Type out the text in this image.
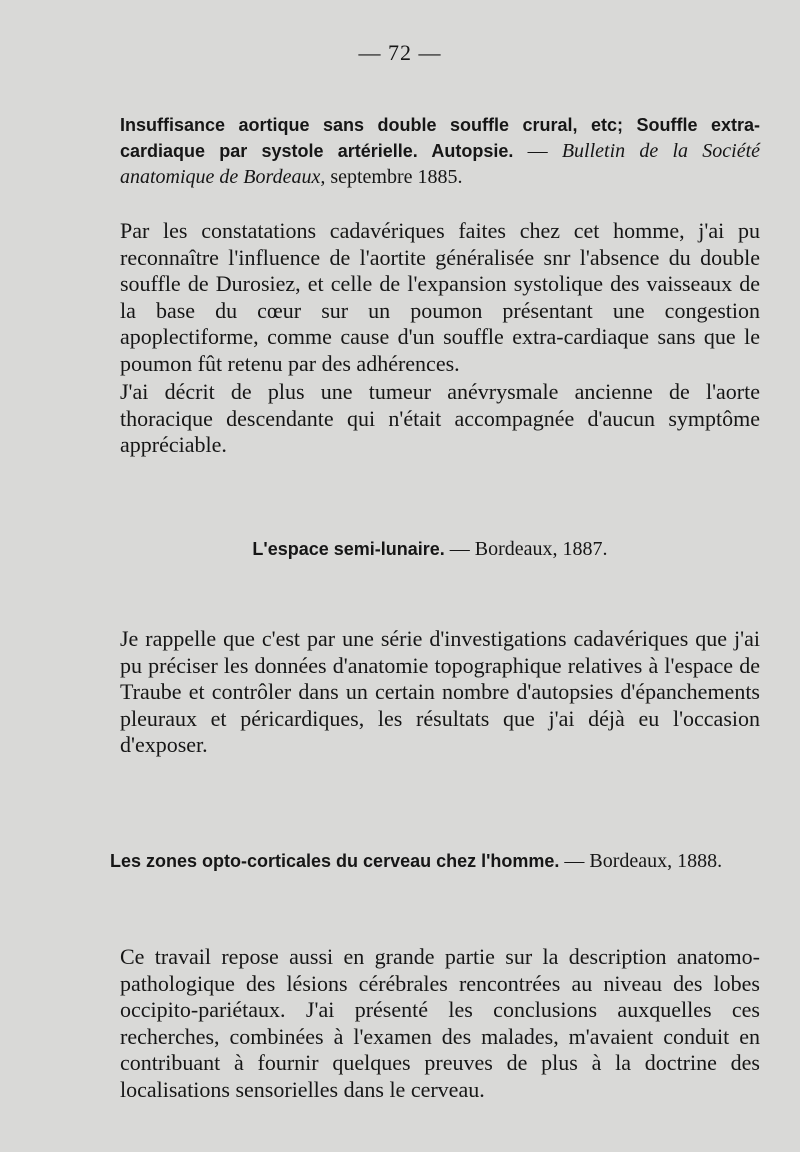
— 72 —
Insuffisance aortique sans double souffle crural, etc; Souffle extra-cardiaque par systole artérielle. Autopsie. — Bulletin de la Société anatomique de Bordeaux, septembre 1885.

Par les constatations cadavériques faites chez cet homme, j'ai pu reconnaître l'influence de l'aortite généralisée snr l'absence du double souffle de Durosiez, et celle de l'expansion systolique des vaisseaux de la base du cœur sur un poumon présentant une congestion apoplectiforme, comme cause d'un souffle extra-cardiaque sans que le poumon fût retenu par des adhérences.

J'ai décrit de plus une tumeur anévrysmale ancienne de l'aorte thoracique descendante qui n'était accompagnée d'aucun symptôme appréciable.

L'espace semi-lunaire. — Bordeaux, 1887.

Je rappelle que c'est par une série d'investigations cadavériques que j'ai pu préciser les données d'anatomie topographique relatives à l'espace de Traube et contrôler dans un certain nombre d'autopsies d'épanchements pleuraux et péricardiques, les résultats que j'ai déjà eu l'occasion d'exposer.

Les zones opto-corticales du cerveau chez l'homme. — Bordeaux, 1888.

Ce travail repose aussi en grande partie sur la description anatomo-pathologique des lésions cérébrales rencontrées au niveau des lobes occipito-pariétaux. J'ai présenté les conclusions auxquelles ces recherches, combinées à l'examen des malades, m'avaient conduit en contribuant à fournir quelques preuves de plus à la doctrine des localisations sensorielles dans le cerveau.
